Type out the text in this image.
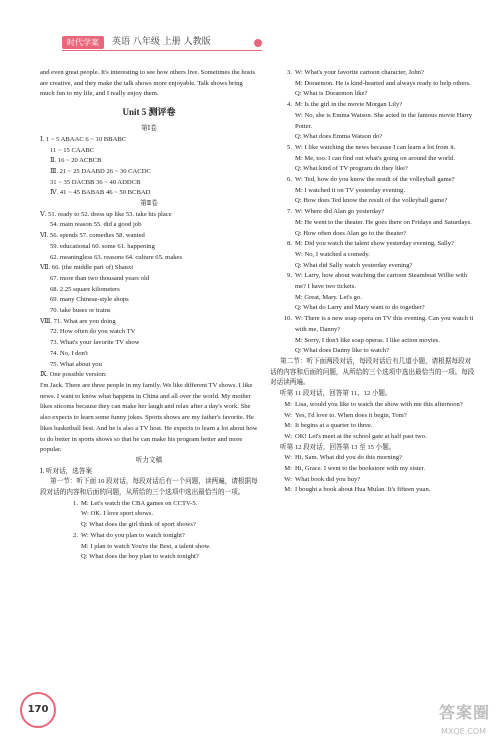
时代学案	英语 八年级 上册 人教版

and even great people. It's interesting to see how others live. Sometimes the hosts are creative, and they make the talk shows more enjoyable. Talk shows bring much fun to my life, and I really enjoy them.

Unit 5 测评卷

第Ⅰ卷

Ⅰ. 1 ~ 5 ABAAC 6 ~ 10 BBABC

11 ~ 15 CAABC

Ⅱ. 16 ~ 20 ACBCB

Ⅲ. 21 ~ 25 DAABD 26 ~ 30 CACDC

31 ~ 35 DACBB 36 ~ 40 ADDCB

Ⅳ. 41 ~ 45 BABAB 46 ~ 50 BCBAD

第Ⅱ卷

Ⅴ. 51. ready to 52. dress up like 53. take his place

54. main reason 55. did a good job

Ⅵ. 56. spends 57. comedies 58. wanted

59. educational 60. some 61. happening

62. meaningless 63. reasons 64. culture 65. makes

Ⅶ. 66. (the middle part of) Shanxi

67. more than two thousand years old

68. 2.25 square kilometers

69. many Chinese-style shops

70. take buses or trains

Ⅷ. 71. What are you doing

72. How often do you watch TV

73. What's your favorite TV show

74. No, I don't

75. What about you

Ⅸ. One possible version:

I'm Jack. There are three people in my family. We like different TV shows. I like news. I want to know what happens in China and all over the world. My mother likes sitcoms because they can make her laugh and relax after a day's work. She also expects to learn some funny jokes. Sports shows are my father's favorite. He likes basketball best. And he is also a TV host. He expects to learn a lot about how to do better in sports shows so that he can make his program better and more popular.

听力文稿

Ⅰ. 听对话，选答案

第一节：听下面 10 段对话，每段对话后有一个问题，读两遍，请根据每段对话的内容和后面的问题，从所给的三个选项中选出最恰当的一项。

1. M: Let's watch the CBA games on CCTV-5.
W: OK. I love sport shows.
Q: What does the girl think of sport shows?
2. W: What do you plan to watch tonight?
M: I plan to watch You're the Best, a talent show.
Q: What does the boy plan to watch tonight?
3. W: What's your favorite cartoon character, John?
M: Doraemon. He is kind-hearted and always ready to help others.
Q: What is Doraemon like?
4. M: Is the girl in the movie Morgan Lily?
W: No, she is Emma Watson. She acted in the famous movie Harry Potter.
Q: What does Emma Watson do?
5. W: I like watching the news because I can learn a lot from it.
M: Me, too. I can find out what's going on around the world.
Q: What kind of TV program do they like?
6. W: Ted, how do you know the result of the volleyball game?
M: I watched it on TV yesterday evening.
Q: How does Ted know the result of the volleyball game?
7. W: Where did Alan go yesterday?
M: He went to the theater. He goes there on Fridays and Saturdays.
Q: How often does Alan go to the theater?
8. M: Did you watch the talent show yesterday evening, Sally?
W: No, I watched a comedy.
Q: What did Sally watch yesterday evening?
9. W: Larry, how about watching the cartoon Steamboat Willie with me? I have two tickets.
M: Great, Mary. Let's go.
Q: What do Larry and Mary want to do together?
10. W: There is a new soap opera on TV this evening. Can you watch it with me, Danny?
M: Sorry, I don't like soap operas. I like action movies.
Q: What does Danny like to watch?

第二节：听下面两段对话，每段对话后有几道小题，请根据每段对话的内容和后面的问题，从所给的三个选项中选出最恰当的一项。每段对话读两遍。

听第 11 段对话，回答第 11、12 小题。

M: Lisa, would you like to watch the show with me this afternoon?
W: Yes, I'd love to. When does it begin, Tom?
M: It begins at a quarter to three.
W: OK! Let's meet at the school gate at half past two.

听第 12 段对话，回答第 13 至 15 小题。

W: Hi, Sam. What did you do this morning?
M: Hi, Grace. I went to the bookstore with my sister.
W: What book did you buy?
M: I bought a book about Hua Mulan. It's fifteen yuan.
170	答案圈
MXQE.COM
